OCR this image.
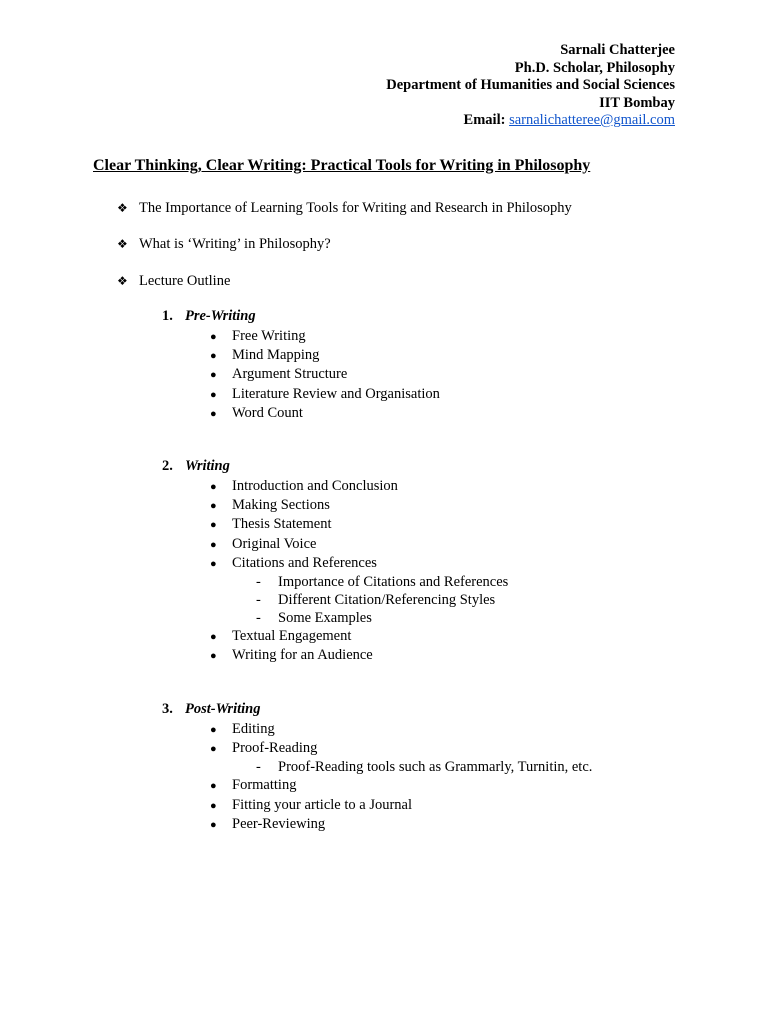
Sarnali Chatterjee
Ph.D. Scholar, Philosophy
Department of Humanities and Social Sciences
IIT Bombay
Email: sarnalichatteree@gmail.com
Clear Thinking, Clear Writing: Practical Tools for Writing in Philosophy
❖ The Importance of Learning Tools for Writing and Research in Philosophy
❖ What is ‘Writing’ in Philosophy?
❖ Lecture Outline
1. Pre-Writing
● Free Writing
● Mind Mapping
● Argument Structure
● Literature Review and Organisation
● Word Count
2. Writing
● Introduction and Conclusion
● Making Sections
● Thesis Statement
● Original Voice
● Citations and References
- Importance of Citations and References
- Different Citation/Referencing Styles
- Some Examples
● Textual Engagement
● Writing for an Audience
3. Post-Writing
● Editing
● Proof-Reading
- Proof-Reading tools such as Grammarly, Turnitin, etc.
● Formatting
● Fitting your article to a Journal
● Peer-Reviewing
